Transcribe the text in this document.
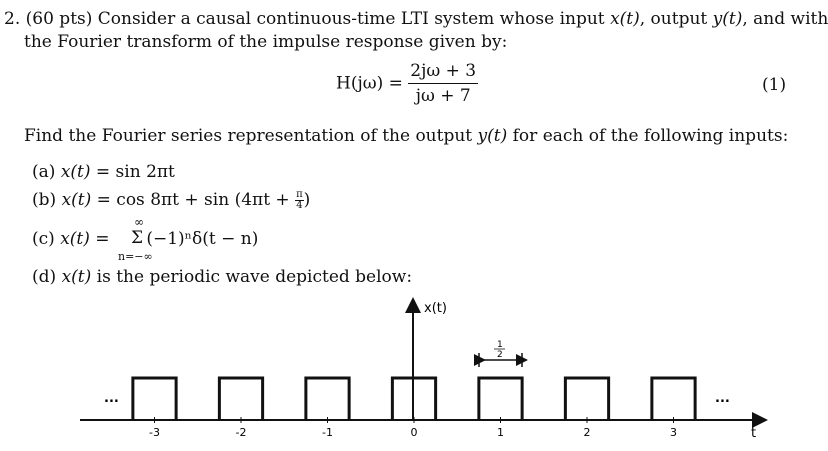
2. (60 pts) Consider a causal continuous-time LTI system whose input x(t), output y(t), and with
the Fourier transform of the impulse response given by:
$H(j\omega) = \frac{2j\omega + 3}{j\omega + 7}$	(1)
Find the Fourier series representation of the output y(t) for each of the following inputs:
(a) x(t) = sin 2πt
(b) $x(t) = \cos 8\pi t + \sin (4\pi t + \frac{\pi}{4}$ )
(c) x(t) = (−1)ⁿδ(t − n)
∞
Σ
n=−∞
(d) x(t) is the periodic wave depicted below:
x(t)
t
...	...
-3	-2	-1	0	1	2	3
1
2
